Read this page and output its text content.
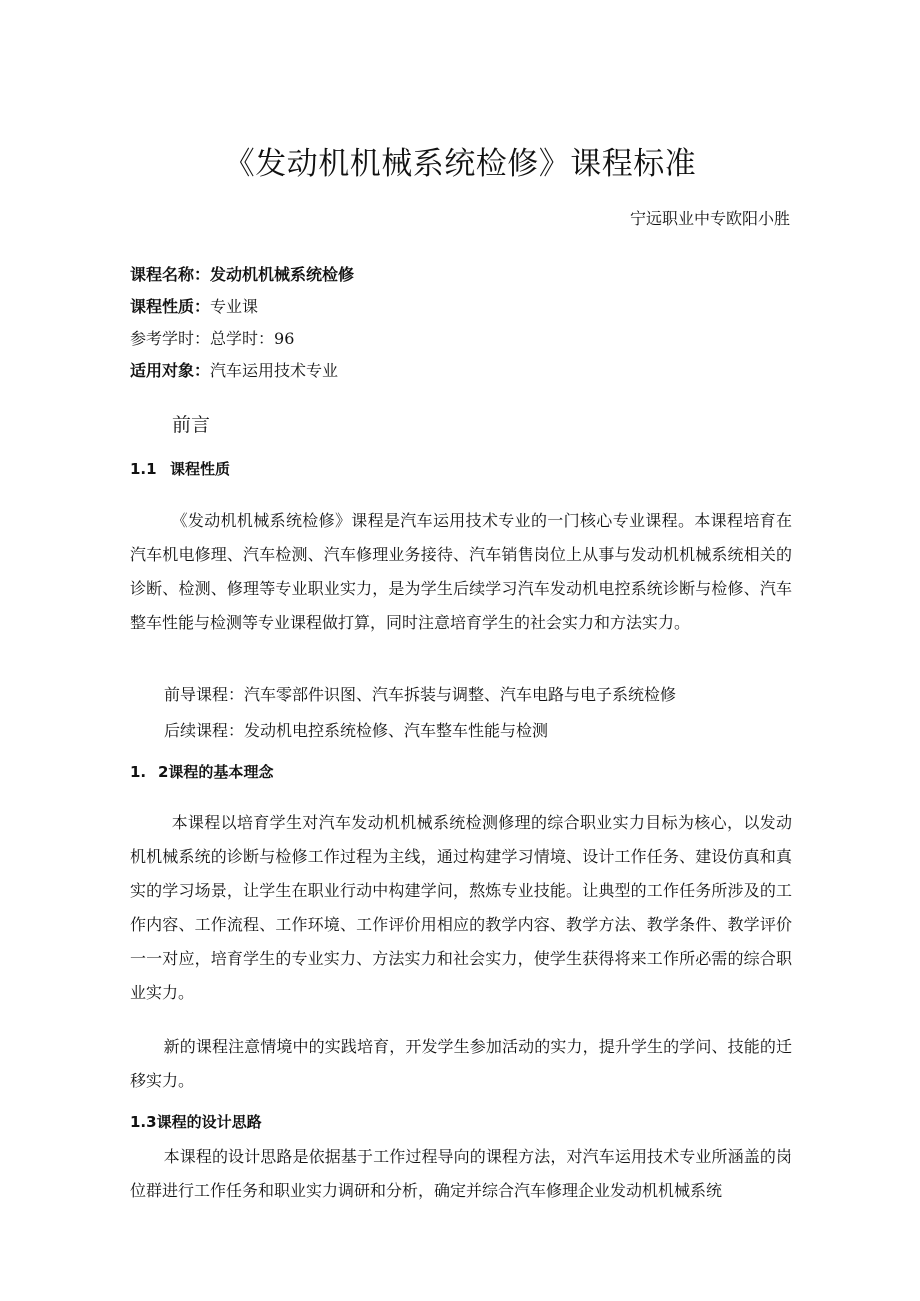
《发动机机械系统检修》课程标准
宁远职业中专欧阳小胜
课程名称：发动机机械系统检修
课程性质：专业课
参考学时：总学时：96
适用对象：汽车运用技术专业
前言
1.1 课程性质
《发动机机械系统检修》课程是汽车运用技术专业的一门核心专业课程。本课程培育在汽车机电修理、汽车检测、汽车修理业务接待、汽车销售岗位上从事与发动机机械系统相关的诊断、检测、修理等专业职业实力，是为学生后续学习汽车发动机电控系统诊断与检修、汽车整车性能与检测等专业课程做打算，同时注意培育学生的社会实力和方法实力。
前导课程：汽车零部件识图、汽车拆装与调整、汽车电路与电子系统检修
后续课程：发动机电控系统检修、汽车整车性能与检测
1. 2课程的基本理念
本课程以培育学生对汽车发动机机械系统检测修理的综合职业实力目标为核心，以发动机机械系统的诊断与检修工作过程为主线，通过构建学习情境、设计工作任务、建设仿真和真实的学习场景，让学生在职业行动中构建学问，熬炼专业技能。让典型的工作任务所涉及的工作内容、工作流程、工作环境、工作评价用相应的教学内容、教学方法、教学条件、教学评价一一对应，培育学生的专业实力、方法实力和社会实力，使学生获得将来工作所必需的综合职业实力。
新的课程注意情境中的实践培育，开发学生参加活动的实力，提升学生的学问、技能的迁移实力。
1.3课程的设计思路
本课程的设计思路是依据基于工作过程导向的课程方法，对汽车运用技术专业所涵盖的岗位群进行工作任务和职业实力调研和分析，确定并综合汽车修理企业发动机机械系统
